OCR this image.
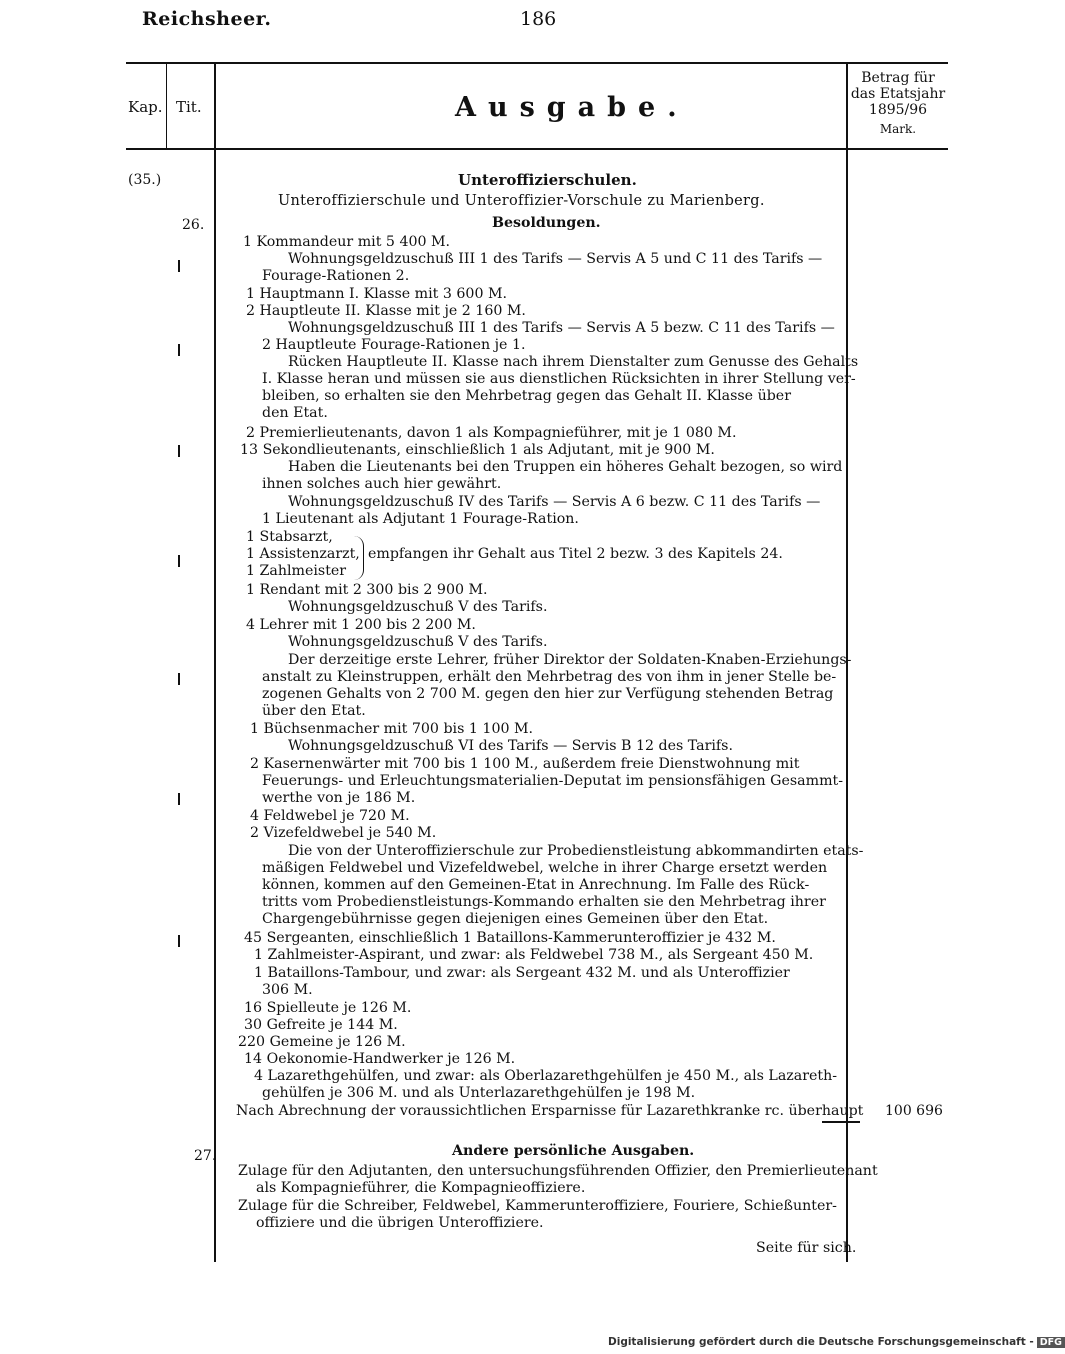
Reichsheer.	186
Kap. Tit.	Ausgabe.
Betrag für
das Etatsjahr
1895/96
Mark.
(35.)	Unteroffizierschulen.
Unteroffizierschule und Unteroffizier-Vorschule zu Marienberg.
26.	Besoldungen.
1 Kommandeur mit 5 400 M.
Wohnungsgeldzuschuß III 1 des Tarifs — Servis A 5 und C 11 des Tarifs —
Fourage-Rationen 2.
1 Hauptmann I. Klasse mit 3 600 M.
2 Hauptleute II. Klasse mit je 2 160 M.
Wohnungsgeldzuschuß III 1 des Tarifs — Servis A 5 bezw. C 11 des Tarifs —
2 Hauptleute Fourage-Rationen je 1.
Rücken Hauptleute II. Klasse nach ihrem Dienstalter zum Genusse des Gehalts
I. Klasse heran und müssen sie aus dienstlichen Rücksichten in ihrer Stellung ver-
bleiben, so erhalten sie den Mehrbetrag gegen das Gehalt II. Klasse über
den Etat.
2 Premierlieutenants, davon 1 als Kompagnieführer, mit je 1 080 M.
13 Sekondlieutenants, einschließlich 1 als Adjutant, mit je 900 M.
Haben die Lieutenants bei den Truppen ein höheres Gehalt bezogen, so wird
ihnen solches auch hier gewährt.
Wohnungsgeldzuschuß IV des Tarifs — Servis A 6 bezw. C 11 des Tarifs —
1 Lieutenant als Adjutant 1 Fourage-Ration.
1 Stabsarzt,
1 Assistenzarzt,
1 Zahlmeister
empfangen ihr Gehalt aus Titel 2 bezw. 3 des Kapitels 24.
1 Rendant mit 2 300 bis 2 900 M.
Wohnungsgeldzuschuß V des Tarifs.
4 Lehrer mit 1 200 bis 2 200 M.
Wohnungsgeldzuschuß V des Tarifs.
Der derzeitige erste Lehrer, früher Direktor der Soldaten-Knaben-Erziehungs-
anstalt zu Kleinstruppen, erhält den Mehrbetrag des von ihm in jener Stelle be-
zogenen Gehalts von 2 700 M. gegen den hier zur Verfügung stehenden Betrag
über den Etat.
1 Büchsenmacher mit 700 bis 1 100 M.
Wohnungsgeldzuschuß VI des Tarifs — Servis B 12 des Tarifs.
2 Kasernenwärter mit 700 bis 1 100 M., außerdem freie Dienstwohnung mit
Feuerungs- und Erleuchtungsmaterialien-Deputat im pensionsfähigen Gesammt-
werthe von je 186 M.
4 Feldwebel je 720 M.
2 Vizefeldwebel je 540 M.
Die von der Unteroffizierschule zur Probedienstleistung abkommandirten etats-
mäßigen Feldwebel und Vizefeldwebel, welche in ihrer Charge ersetzt werden
können, kommen auf den Gemeinen-Etat in Anrechnung. Im Falle des Rück-
tritts vom Probedienstleistungs-Kommando erhalten sie den Mehrbetrag ihrer
Chargengebührnisse gegen diejenigen eines Gemeinen über den Etat.
45 Sergeanten, einschließlich 1 Bataillons-Kammerunteroffizier je 432 M.
1 Zahlmeister-Aspirant, und zwar: als Feldwebel 738 M., als Sergeant 450 M.
1 Bataillons-Tambour, und zwar: als Sergeant 432 M. und als Unteroffizier
306 M.
16 Spielleute je 126 M.
30 Gefreite je 144 M.
220 Gemeine je 126 M.
14 Oekonomie-Handwerker je 126 M.
4 Lazarethgehülfen, und zwar: als Oberlazarethgehülfen je 450 M., als Lazareth-
gehülfen je 306 M. und als Unterlazarethgehülfen je 198 M.
Nach Abrechnung der voraussichtlichen Ersparnisse für Lazarethkranke rc. überhaupt 100 696
27.	Andere persönliche Ausgaben.
Zulage für den Adjutanten, den untersuchungsführenden Offizier, den Premierlieutenant
als Kompagnieführer, die Kompagnieoffiziere.
Zulage für die Schreiber, Feldwebel, Kammerunteroffiziere, Fouriere, Schießunter-
offiziere und die übrigen Unteroffiziere.
Seite für sich.
Digitalisierung gefördert durch die Deutsche Forschungsgemeinschaft - DFG
